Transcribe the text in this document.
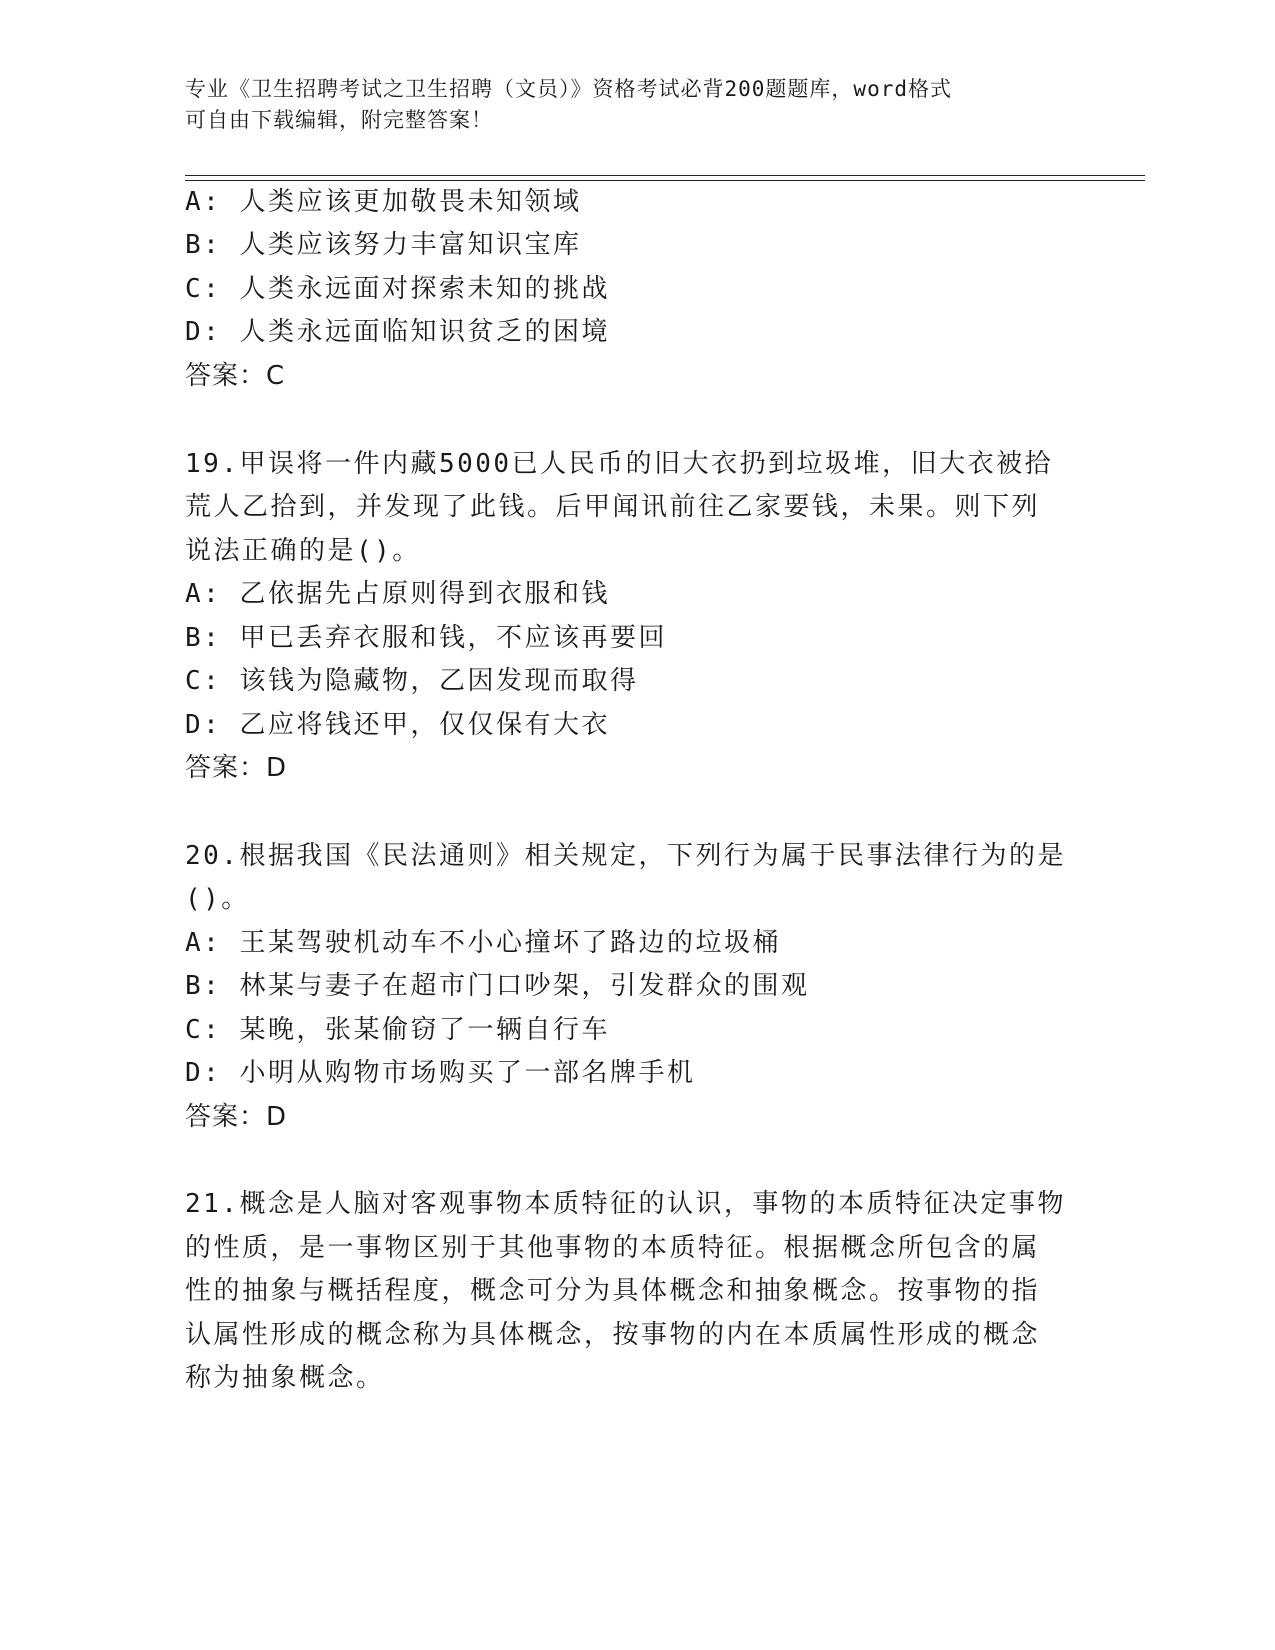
专业《卫生招聘考试之卫生招聘（文员）》资格考试必背200题题库，word格式
可自由下载编辑，附完整答案！
A: 人类应该更加敬畏未知领域
B: 人类应该努力丰富知识宝库
C: 人类永远面对探索未知的挑战
D: 人类永远面临知识贫乏的困境
答案：C
19.甲误将一件内藏5000已人民币的旧大衣扔到垃圾堆，旧大衣被拾
荒人乙拾到，并发现了此钱。后甲闻讯前往乙家要钱，未果。则下列
说法正确的是()。
A: 乙依据先占原则得到衣服和钱
B: 甲已丢弃衣服和钱，不应该再要回
C: 该钱为隐藏物，乙因发现而取得
D: 乙应将钱还甲，仅仅保有大衣
答案：D
20.根据我国《民法通则》相关规定，下列行为属于民事法律行为的是
()。
A: 王某驾驶机动车不小心撞坏了路边的垃圾桶
B: 林某与妻子在超市门口吵架，引发群众的围观
C: 某晚，张某偷窃了一辆自行车
D: 小明从购物市场购买了一部名牌手机
答案：D
21.概念是人脑对客观事物本质特征的认识，事物的本质特征决定事物
的性质，是一事物区别于其他事物的本质特征。根据概念所包含的属
性的抽象与概括程度，概念可分为具体概念和抽象概念。按事物的指
认属性形成的概念称为具体概念，按事物的内在本质属性形成的概念
称为抽象概念。
